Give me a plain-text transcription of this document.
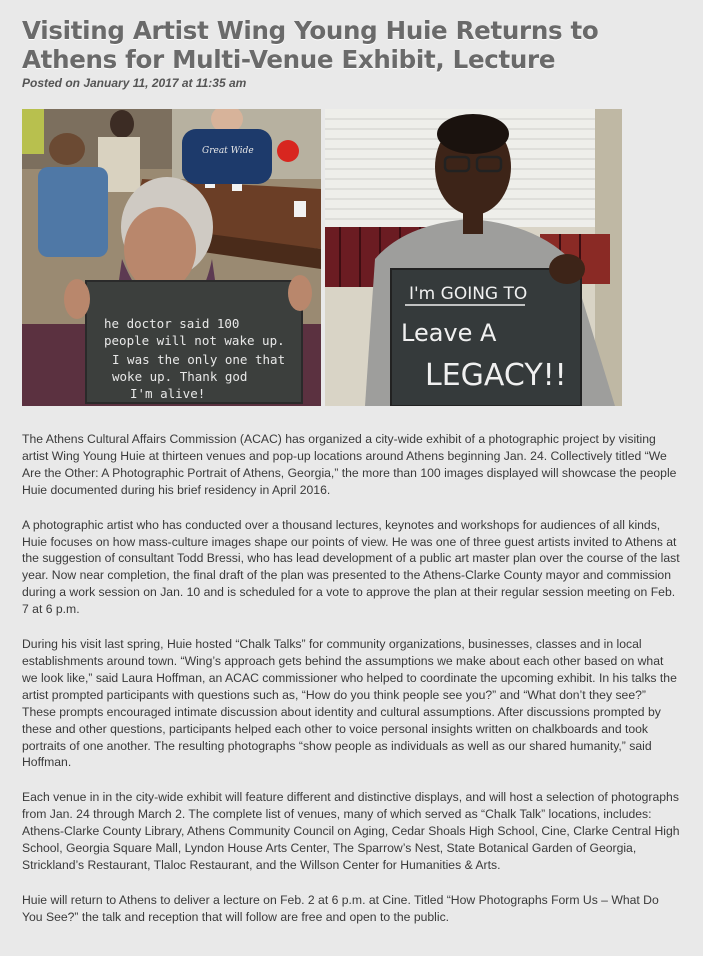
Visiting Artist Wing Young Huie Returns to Athens for Multi-Venue Exhibit, Lecture

Posted on January 11, 2017 at 11:35 am

Great Wide
he doctor said 100 people will not wake up. I was the only one that woke up. Thank god I'm alive!
I'm GOING TO Leave A LEGACY!!

The Athens Cultural Affairs Commission (ACAC) has organized a city-wide exhibit of a photographic project by visiting artist Wing Young Huie at thirteen venues and pop-up locations around Athens beginning Jan. 24. Collectively titled “We Are the Other: A Photographic Portrait of Athens, Georgia,” the more than 100 images displayed will showcase the people Huie documented during his brief residency in April 2016.

A photographic artist who has conducted over a thousand lectures, keynotes and workshops for audiences of all kinds, Huie focuses on how mass-culture images shape our points of view. He was one of three guest artists invited to Athens at the suggestion of consultant Todd Bressi, who has lead development of a public art master plan over the course of the last year. Now near completion, the final draft of the plan was presented to the Athens-Clarke County mayor and commission during a work session on Jan. 10 and is scheduled for a vote to approve the plan at their regular session meeting on Feb. 7 at 6 p.m.

During his visit last spring, Huie hosted “Chalk Talks” for community organizations, businesses, classes and in local establishments around town. “Wing’s approach gets behind the assumptions we make about each other based on what we look like,” said Laura Hoffman, an ACAC commissioner who helped to coordinate the upcoming exhibit. In his talks the artist prompted participants with questions such as, “How do you think people see you?” and “What don’t they see?” These prompts encouraged intimate discussion about identity and cultural assumptions. After discussions prompted by these and other questions, participants helped each other to voice personal insights written on chalkboards and took portraits of one another. The resulting photographs “show people as individuals as well as our shared humanity,” said Hoffman.

Each venue in in the city-wide exhibit will feature different and distinctive displays, and will host a selection of photographs from Jan. 24 through March 2. The complete list of venues, many of which served as “Chalk Talk” locations, includes: Athens-Clarke County Library, Athens Community Council on Aging, Cedar Shoals High School, Cine, Clarke Central High School, Georgia Square Mall, Lyndon House Arts Center, The Sparrow’s Nest, State Botanical Garden of Georgia, Strickland’s Restaurant, Tlaloc Restaurant, and the Willson Center for Humanities & Arts.

Huie will return to Athens to deliver a lecture on Feb. 2 at 6 p.m. at Cine. Titled “How Photographs Form Us – What Do You See?” the talk and reception that will follow are free and open to the public.
